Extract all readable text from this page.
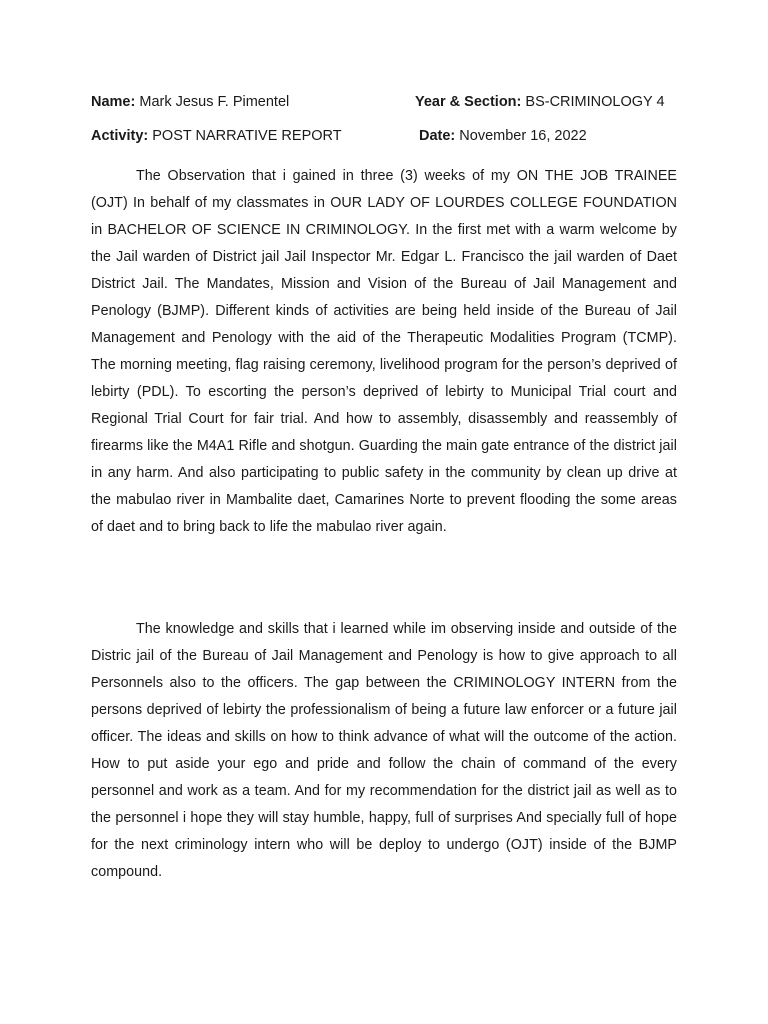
Name: Mark Jesus F. Pimentel	Year & Section: BS-CRIMINOLOGY 4
Activity: POST NARRATIVE REPORT	Date: November 16, 2022

The Observation that i gained in three (3) weeks of my ON THE JOB TRAINEE (OJT) In behalf of my classmates in OUR LADY OF LOURDES COLLEGE FOUNDATION in BACHELOR OF SCIENCE IN CRIMINOLOGY. In the first met with a warm welcome by the Jail warden of District jail Jail Inspector Mr. Edgar L. Francisco the jail warden of Daet District Jail. The Mandates, Mission and Vision of the Bureau of Jail Management and Penology (BJMP). Different kinds of activities are being held inside of the Bureau of Jail Management and Penology with the aid of the Therapeutic Modalities Program (TCMP). The morning meeting, flag raising ceremony, livelihood program for the person’s deprived of lebirty (PDL). To escorting the person’s deprived of lebirty to Municipal Trial court and Regional Trial Court for fair trial. And how to assembly, disassembly and reassembly of firearms like the M4A1 Rifle and shotgun. Guarding the main gate entrance of the district jail in any harm. And also participating to public safety in the community by clean up drive at the mabulao river in Mambalite daet, Camarines Norte to prevent flooding the some areas of daet and to bring back to life the mabulao river again.

The knowledge and skills that i learned while im observing inside and outside of the Distric jail of the Bureau of Jail Management and Penology is how to give approach to all Personnels also to the officers. The gap between the CRIMINOLOGY INTERN from the persons deprived of lebirty the professionalism of being a future law enforcer or a future jail officer. The ideas and skills on how to think advance of what will the outcome of the action. How to put aside your ego and pride and follow the chain of command of the every personnel and work as a team. And for my recommendation for the district jail as well as to the personnel i hope they will stay humble, happy, full of surprises And specially full of hope for the next criminology intern who will be deploy to undergo (OJT) inside of the BJMP compound.
